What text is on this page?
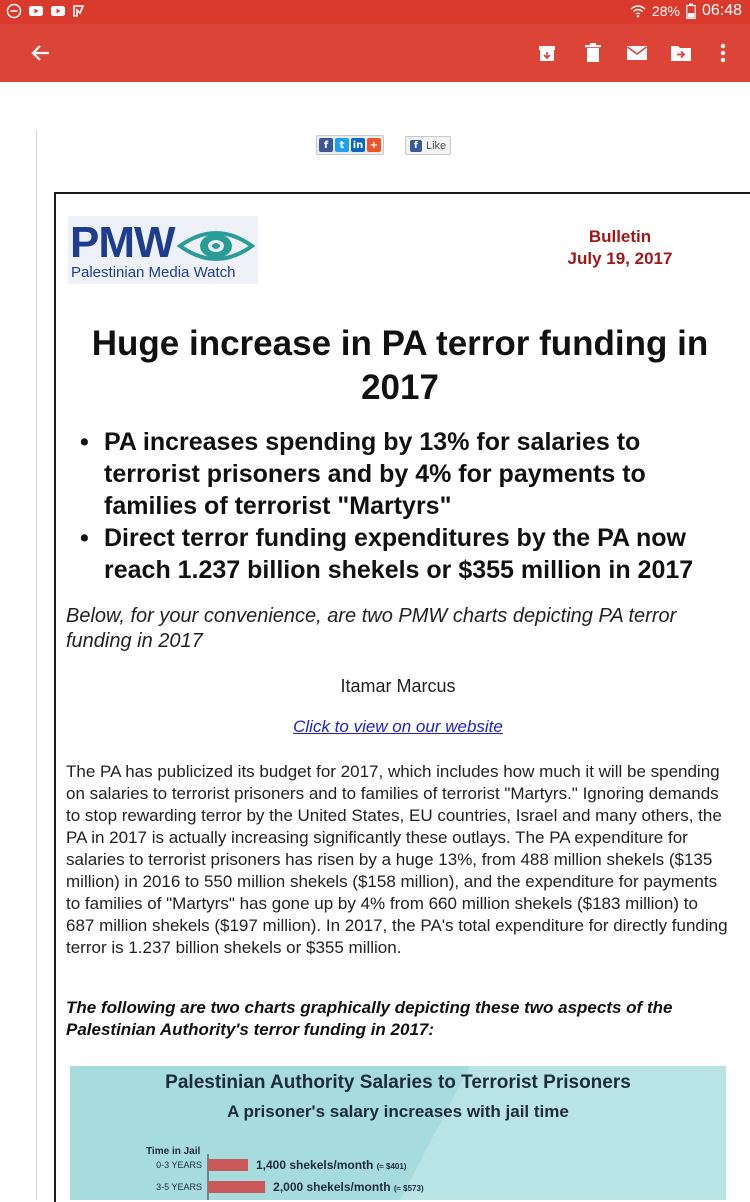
28% 06:48
f	t in +	f Like
PMW
Palestinian Media Watch
Bulletin
July 19, 2017
Huge increase in PA terror funding in 2017
• PA increases spending by 13% for salaries to terrorist prisoners and by 4% for payments to families of terrorist "Martyrs"
• Direct terror funding expenditures by the PA now reach 1.237 billion shekels or $355 million in 2017
Below, for your convenience, are two PMW charts depicting PA terror funding in 2017
Itamar Marcus
Click to view on our website
The PA has publicized its budget for 2017, which includes how much it will be spending on salaries to terrorist prisoners and to families of terrorist "Martyrs." Ignoring demands to stop rewarding terror by the United States, EU countries, Israel and many others, the PA in 2017 is actually increasing significantly these outlays. The PA expenditure for salaries to terrorist prisoners has risen by a huge 13%, from 488 million shekels ($135 million) in 2016 to 550 million shekels ($158 million), and the expenditure for payments to families of "Martyrs" has gone up by 4% from 660 million shekels ($183 million) to 687 million shekels ($197 million). In 2017, the PA's total expenditure for directly funding terror is 1.237 billion shekels or $355 million.
The following are two charts graphically depicting these two aspects of the Palestinian Authority's terror funding in 2017:
Time in Jail
0-3 YEARS	1,400 shekels/month (≈ $401)
3-5 YEARS	2,000 shekels/month (≈ $573)
Palestinian Authority Salaries to Terrorist Prisoners
A prisoner's salary increases with jail time
